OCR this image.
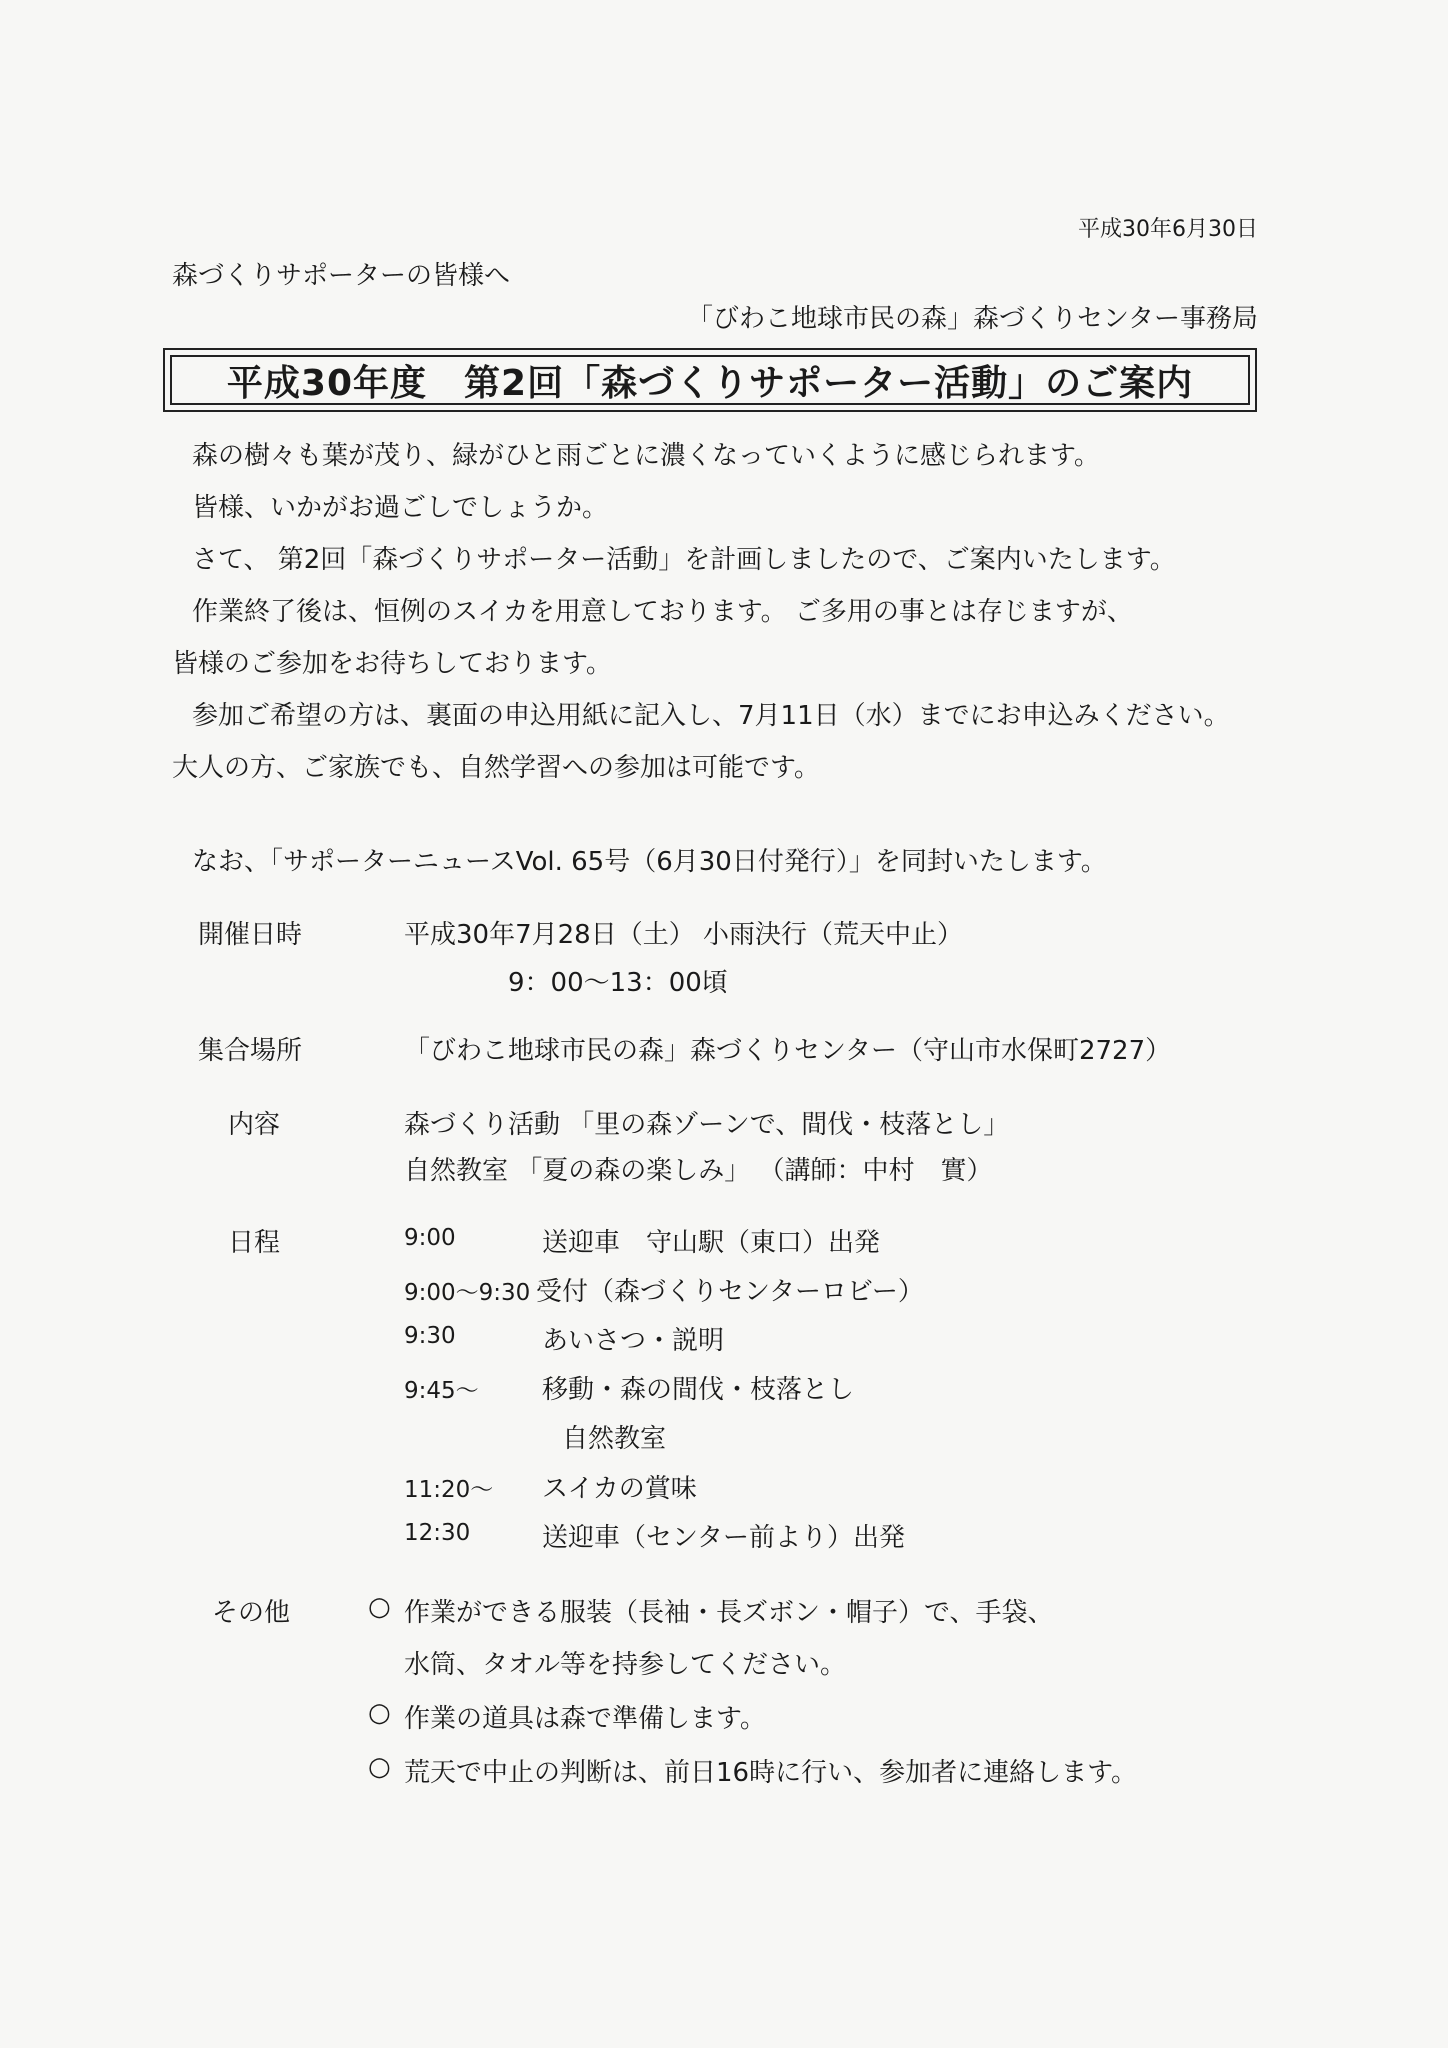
平成30年6月30日
森づくりサポーターの皆様へ
「びわこ地球市民の森」森づくりセンター事務局
平成30年度　第2回「森づくりサポーター活動」のご案内
森の樹々も葉が茂り、緑がひと雨ごとに濃くなっていくように感じられます。
皆様、いかがお過ごしでしょうか。
さて、 第2回「森づくりサポーター活動」を計画しましたので、ご案内いたします。
作業終了後は、恒例のスイカを用意しております。 ご多用の事とは存じますが、
皆様のご参加をお待ちしております。
参加ご希望の方は、裏面の申込用紙に記入し、7月11日（水）までにお申込みください。
大人の方、ご家族でも、自然学習への参加は可能です。
なお、「サポーターニュースVol. 65号（6月30日付発行）」を同封いたします。
開催日時	平成30年7月28日（土） 小雨決行（荒天中止）
9：00～13：00頃
集合場所	「びわこ地球市民の森」森づくりセンター（守山市水保町2727）
内容	森づくり活動 「里の森ゾーンで、間伐・枝落とし」
自然教室 「夏の森の楽しみ」 （講師：中村　實）
日程	9:00	送迎車　守山駅（東口）出発
9:00～9:30 受付（森づくりセンターロビー）
9:30	あいさつ・説明
9:45～ 移動・森の間伐・枝落とし
自然教室
11:20～ スイカの賞味
12:30	送迎車（センター前より）出発
その他	○ 作業ができる服装（長袖・長ズボン・帽子）で、手袋、
水筒、タオル等を持参してください。
○ 作業の道具は森で準備します。
○ 荒天で中止の判断は、前日16時に行い、参加者に連絡します。
